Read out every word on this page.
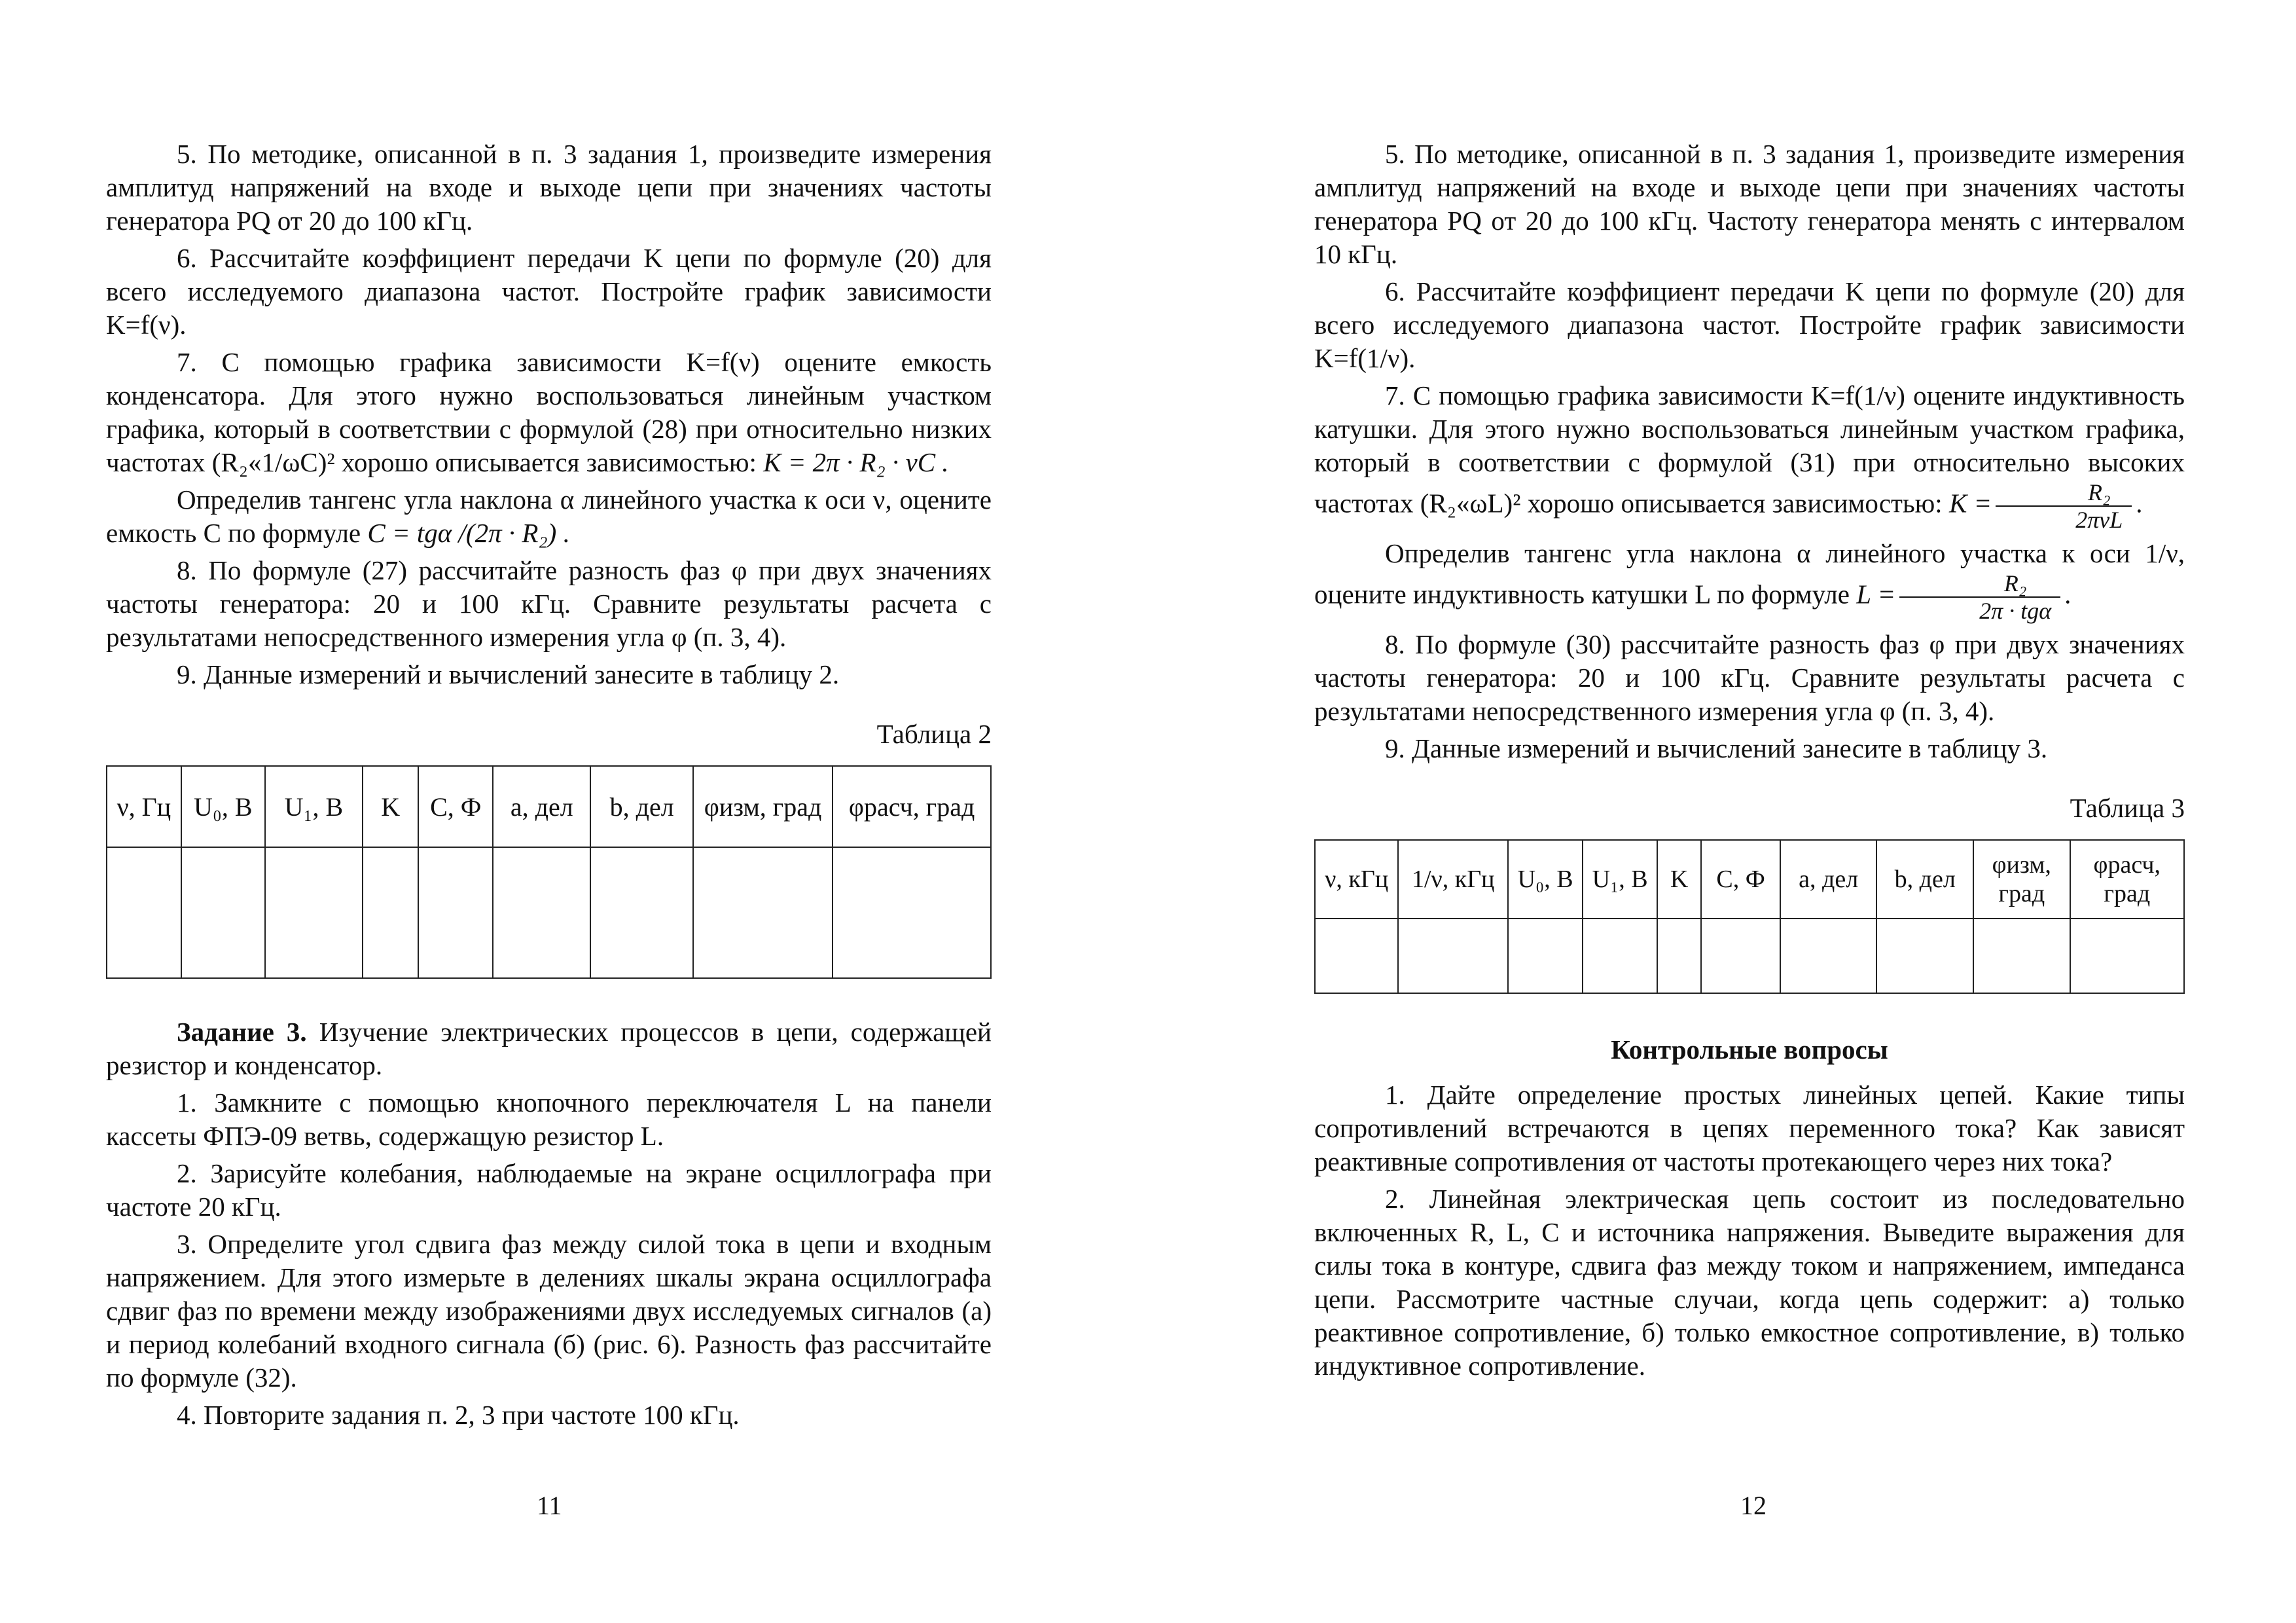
5. По методике, описанной в п. 3 задания 1, произведите измерения амплитуд напряжений на входе и выходе цепи при значениях частоты генератора PQ от 20 до 100 кГц.

6. Рассчитайте коэффициент передачи K цепи по формуле (20) для всего исследуемого диапазона частот. Постройте график зависимости K=f(ν).

7. С помощью графика зависимости K=f(ν) оцените емкость конденсатора. Для этого нужно воспользоваться линейным участком графика, который в соответствии с формулой (28) при относительно низких частотах (R₂«1/ωC)² хорошо описывается зависимостью: K = 2π · R₂ · νC .

Определив тангенс угла наклона α линейного участка к оси ν, оцените емкость С по формуле C = tgα /(2π · R₂) .

8. По формуле (27) рассчитайте разность фаз φ при двух значениях частоты генератора: 20 и 100 кГц. Сравните результаты расчета с результатами непосредственного измерения угла φ (п. 3, 4).

9. Данные измерений и вычислений занесите в таблицу 2.

Таблица 2

ν, Гц	U₀, В	U₁, В	K	C, Ф	a, дел	b, дел	φизм, град	φрасч, град

Задание 3. Изучение электрических процессов в цепи, содержащей резистор и конденсатор.

1. Замкните с помощью кнопочного переключателя L на панели кассеты ФПЭ-09 ветвь, содержащую резистор L.

2. Зарисуйте колебания, наблюдаемые на экране осциллографа при частоте 20 кГц.

3. Определите угол сдвига фаз между силой тока в цепи и входным напряжением. Для этого измерьте в делениях шкалы экрана осциллографа сдвиг фаз по времени между изображениями двух исследуемых сигналов (а) и период колебаний входного сигнала (б) (рис. 6). Разность фаз рассчитайте по формуле (32).

4. Повторите задания п. 2, 3 при частоте 100 кГц.

11

5. По методике, описанной в п. 3 задания 1, произведите измерения амплитуд напряжений на входе и выходе цепи при значениях частоты генератора PQ от 20 до 100 кГц. Частоту генератора менять с интервалом 10 кГц.

6. Рассчитайте коэффициент передачи K цепи по формуле (20) для всего исследуемого диапазона частот. Постройте график зависимости K=f(1/ν).

7. С помощью графика зависимости K=f(1/ν) оцените индуктивность катушки. Для этого нужно воспользоваться линейным участком графика, который в соответствии с формулой (31) при относительно высоких частотах (R₂«ωL)² хорошо описывается зависимостью: $K = \frac{\text{R₂}}{\text{2πνL}}$ .

Определив тангенс угла наклона α линейного участка к оси 1/ν, оцените индуктивность катушки L по формуле $L = \frac{\text{R₂}}{\text{2π · tgα}}$ .

8. По формуле (30) рассчитайте разность фаз φ при двух значениях частоты генератора: 20 и 100 кГц. Сравните результаты расчета с результатами непосредственного измерения угла φ (п. 3, 4).

9. Данные измерений и вычислений занесите в таблицу 3.

Таблица 3

ν, кГц	1/ν, кГц	U₀, В	U₁, В	K	C, Ф	a, дел	b, дел	φизм, град	φрасч, град

Контрольные вопросы

1. Дайте определение простых линейных цепей. Какие типы сопротивлений встречаются в цепях переменного тока? Как зависят реактивные сопротивления от частоты протекающего через них тока?

2. Линейная электрическая цепь состоит из последовательно включенных R, L, C и источника напряжения. Выведите выражения для силы тока в контуре, сдвига фаз между током и напряжением, импеданса цепи. Рассмотрите частные случаи, когда цепь содержит: а) только реактивное сопротивление, б) только емкостное сопротивление, в) только индуктивное сопротивление.

12
